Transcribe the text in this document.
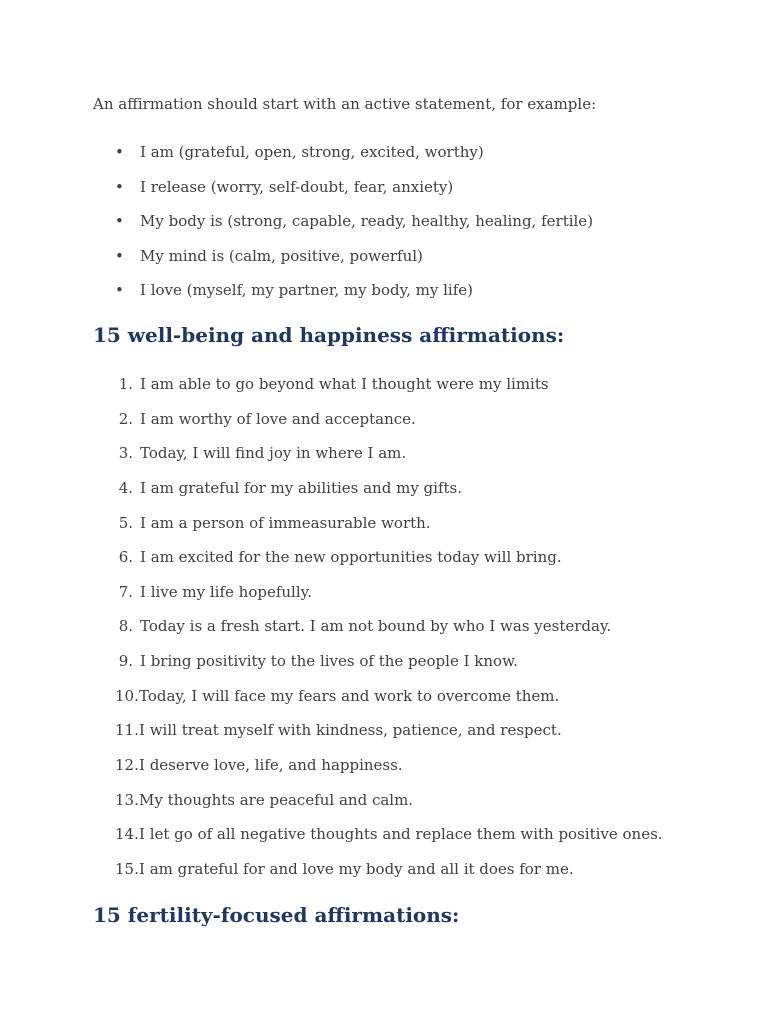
An affirmation should start with an active statement, for example:

• I am (grateful, open, strong, excited, worthy)
• I release (worry, self-doubt, fear, anxiety)
• My body is (strong, capable, ready, healthy, healing, fertile)
• My mind is (calm, positive, powerful)
• I love (myself, my partner, my body, my life)
15 well-being and happiness affirmations:
1. I am able to go beyond what I thought were my limits
2. I am worthy of love and acceptance.
3. Today, I will find joy in where I am.
4. I am grateful for my abilities and my gifts.
5. I am a person of immeasurable worth.
6. I am excited for the new opportunities today will bring.
7. I live my life hopefully.
8. Today is a fresh start. I am not bound by who I was yesterday.
9. I bring positivity to the lives of the people I know.
10. Today, I will face my fears and work to overcome them.
11. I will treat myself with kindness, patience, and respect.
12. I deserve love, life, and happiness.
13. My thoughts are peaceful and calm.
14. I let go of all negative thoughts and replace them with positive ones.
15. I am grateful for and love my body and all it does for me.
15 fertility-focused affirmations:
